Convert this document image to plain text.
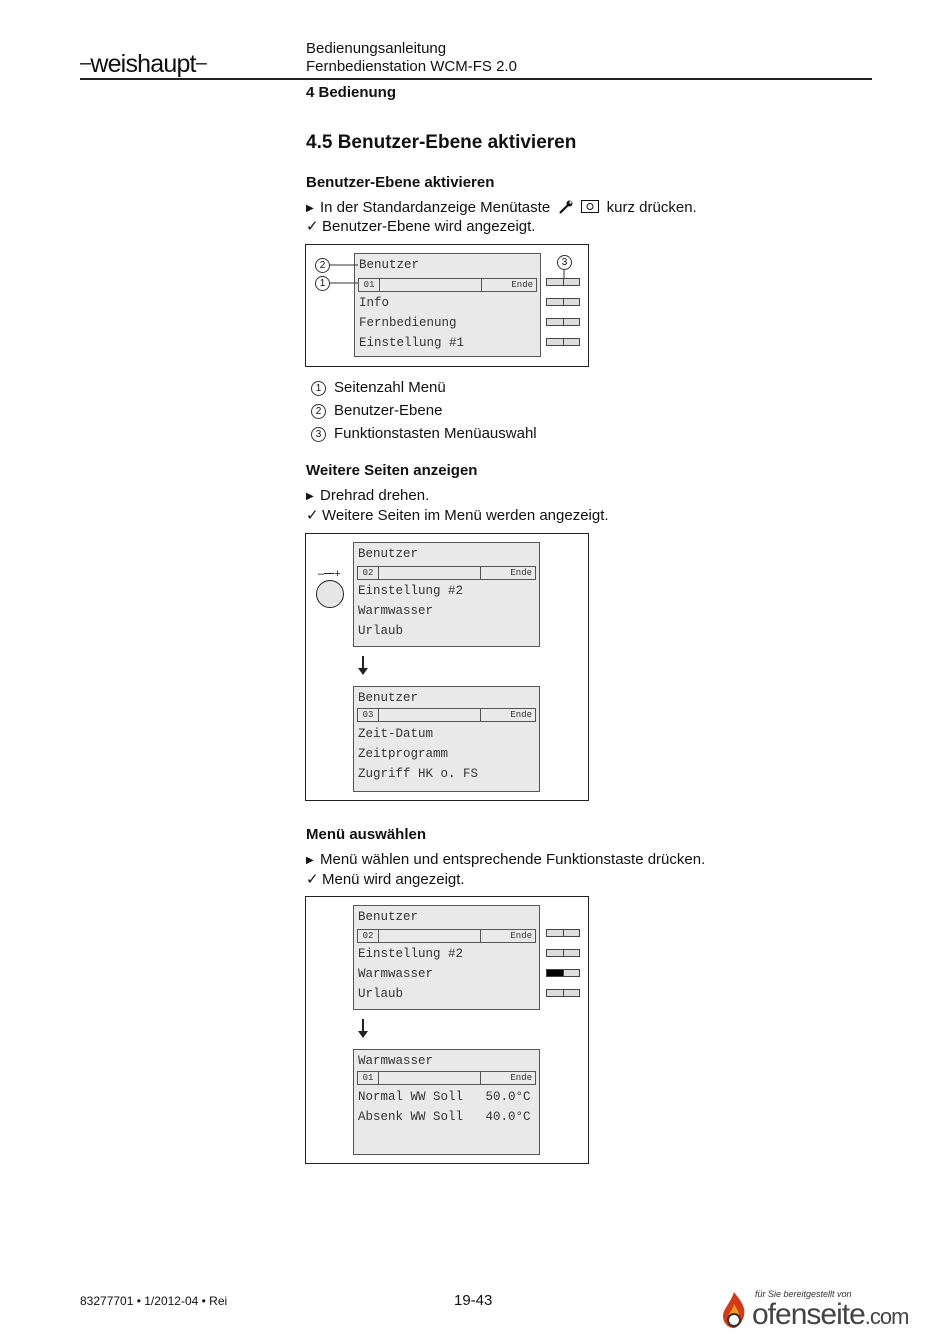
–weishaupt–
Bedienungsanleitung
Fernbedienstation WCM-FS 2.0
4 Bedienung
4.5 Benutzer-Ebene aktivieren
Benutzer-Ebene aktivieren
▶ In der Standardanzeige Menütaste	kurz drücken.
✓ Benutzer-Ebene wird angezeigt.
Benutzer
01	Ende
Info
Fernbedienung
Einstellung #1
2
1
3
1 Seitenzahl Menü
2 Benutzer-Ebene
3 Funktionstasten Menüauswahl
Weitere Seiten anzeigen
▶ Drehrad drehen.
✓ Weitere Seiten im Menü werden angezeigt.
– +
Benutzer
02	Ende
Einstellung #2
Warmwasser
Urlaub
Benutzer
03	Ende
Zeit-Datum
Zeitprogramm
Zugriff HK o. FS
Menü auswählen
▶ Menü wählen und entsprechende Funktionstaste drücken.
✓ Menü wird angezeigt.
Benutzer
02	Ende
Einstellung #2
Warmwasser
Urlaub
Warmwasser
01	Ende
Normal WW Soll   50.0°C
Absenk WW Soll   40.0°C
83277701 • 1/2012-04 • Rei	19-43	für Sie bereitgestellt von
ofenseite.com
